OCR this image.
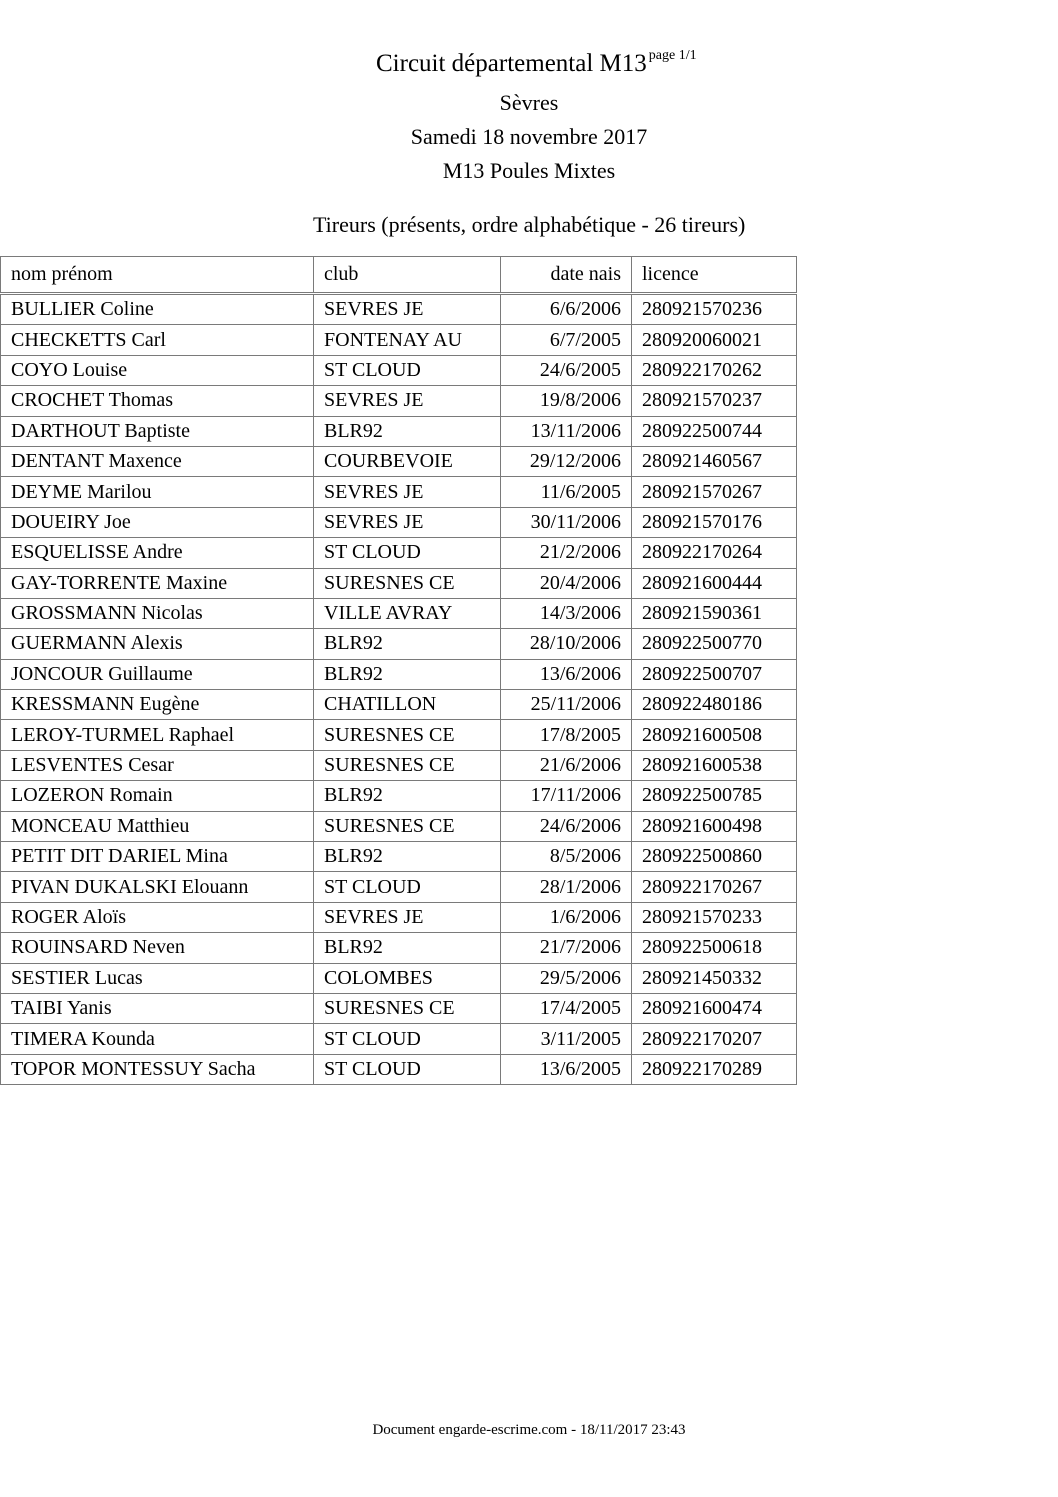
Circuit départemental M13 $^{page 1/1}$
Sèvres
Samedi 18 novembre 2017
M13 Poules Mixtes
Tireurs (présents, ordre alphabétique - 26 tireurs)
nom prénom	club	date nais	licence
BULLIER Coline	SEVRES JE	6/6/2006	280921570236
CHECKETTS Carl	FONTENAY AU	6/7/2005	280920060021
COYO Louise	ST CLOUD	24/6/2005	280922170262
CROCHET Thomas	SEVRES JE	19/8/2006	280921570237
DARTHOUT Baptiste	BLR92	13/11/2006	280922500744
DENTANT Maxence	COURBEVOIE	29/12/2006	280921460567
DEYME Marilou	SEVRES JE	11/6/2005	280921570267
DOUEIRY Joe	SEVRES JE	30/11/2006	280921570176
ESQUELISSE Andre	ST CLOUD	21/2/2006	280922170264
GAY-TORRENTE Maxine	SURESNES CE	20/4/2006	280921600444
GROSSMANN Nicolas	VILLE AVRAY	14/3/2006	280921590361
GUERMANN Alexis	BLR92	28/10/2006	280922500770
JONCOUR Guillaume	BLR92	13/6/2006	280922500707
KRESSMANN Eugène	CHATILLON	25/11/2006	280922480186
LEROY-TURMEL Raphael	SURESNES CE	17/8/2005	280921600508
LESVENTES Cesar	SURESNES CE	21/6/2006	280921600538
LOZERON Romain	BLR92	17/11/2006	280922500785
MONCEAU Matthieu	SURESNES CE	24/6/2006	280921600498
PETIT DIT DARIEL Mina	BLR92	8/5/2006	280922500860
PIVAN DUKALSKI Elouann	ST CLOUD	28/1/2006	280922170267
ROGER Aloïs	SEVRES JE	1/6/2006	280921570233
ROUINSARD Neven	BLR92	21/7/2006	280922500618
SESTIER Lucas	COLOMBES	29/5/2006	280921450332
TAIBI Yanis	SURESNES CE	17/4/2005	280921600474
TIMERA Kounda	ST CLOUD	3/11/2005	280922170207
TOPOR MONTESSUY Sacha	ST CLOUD	13/6/2005	280922170289
Document engarde-escrime.com - 18/11/2017 23:43
